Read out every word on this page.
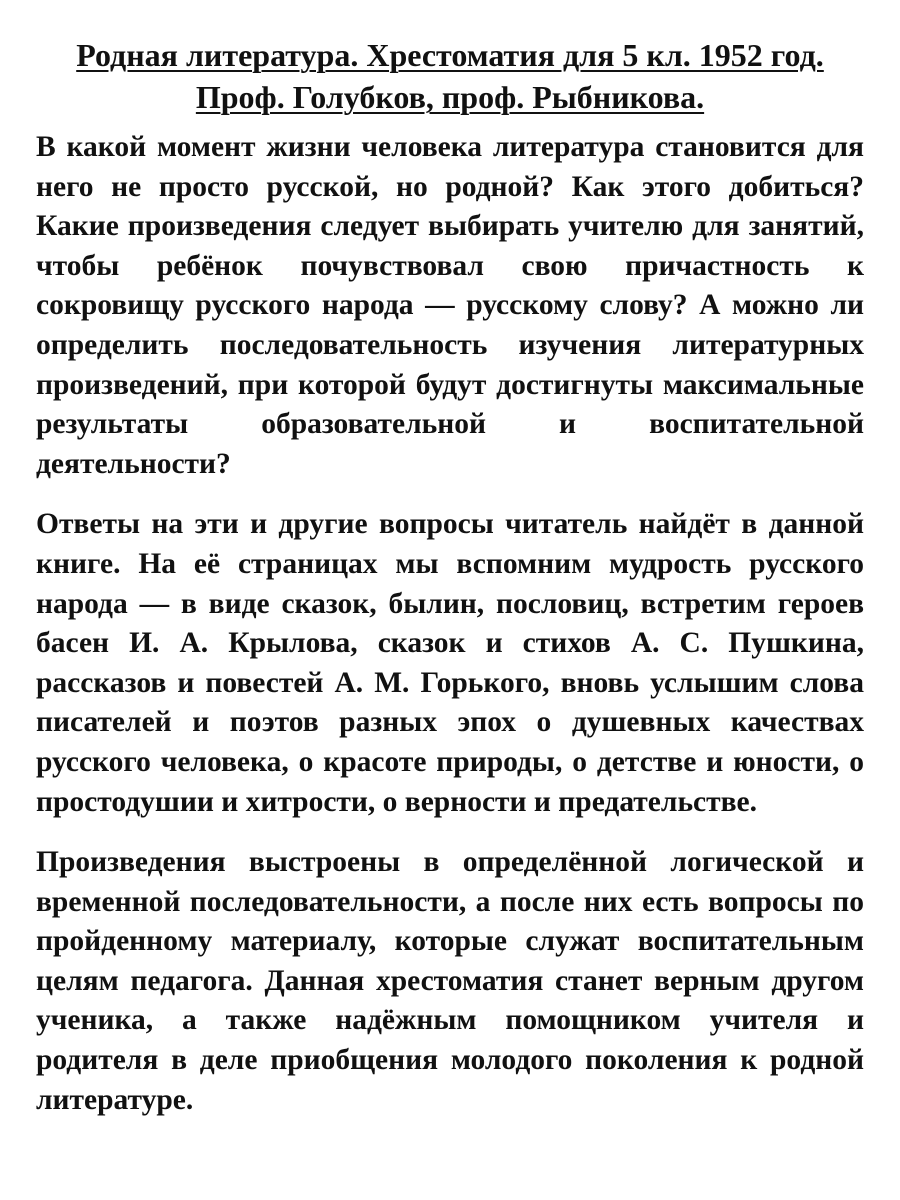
Родная литература. Хрестоматия для 5 кл. 1952 год.
Проф. Голубков, проф. Рыбникова.

В какой момент жизни человека литература становится для него не просто русской, но родной? Как этого добиться? Какие произведения следует выбирать учителю для занятий, чтобы ребёнок почувствовал свою причастность к сокровищу русского народа — русскому слову? А можно ли определить последовательность изучения литературных произведений, при которой будут достигнуты максимальные результаты образовательной и воспитательной деятельности?

Ответы на эти и другие вопросы читатель найдёт в данной книге. На её страницах мы вспомним мудрость русского народа — в виде сказок, былин, пословиц, встретим героев басен И. А. Крылова, сказок и стихов А. С. Пушкина, рассказов и повестей А. М. Горького, вновь услышим слова писателей и поэтов разных эпох о душевных качествах русского человека, о красоте природы, о детстве и юности, о простодушии и хитрости, о верности и предательстве.

Произведения выстроены в определённой логической и временной последовательности, а после них есть вопросы по пройденному материалу, которые служат воспитательным целям педагога. Данная хрестоматия станет верным другом ученика, а также надёжным помощником учителя и родителя в деле приобщения молодого поколения к родной литературе.
